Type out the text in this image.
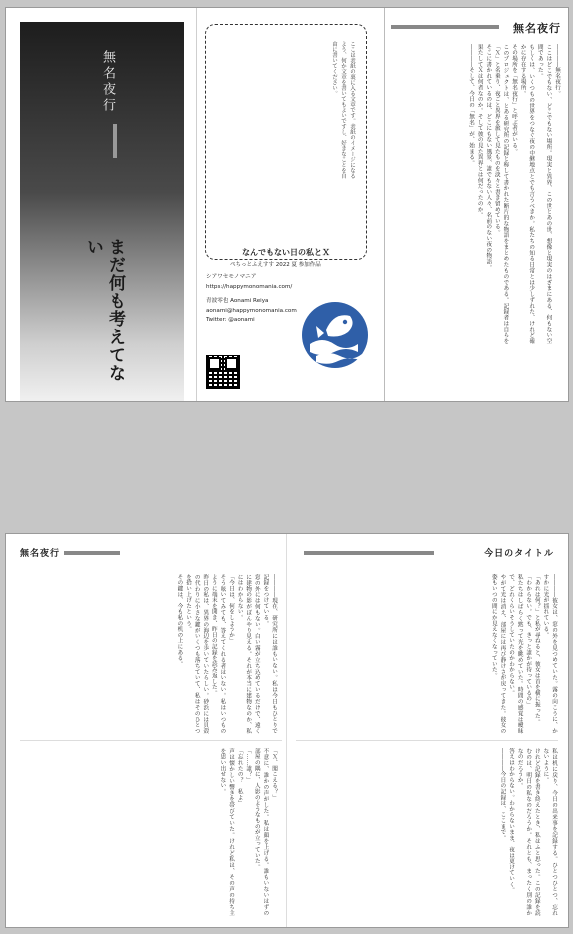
無名夜行
まだ何も考えてない
ここは表紙の裏に入る文章です。表紙のイメージになるよう、何か文章を書いてもよいですし、好きなことを自由に書いてください。
なんでもない日の私とＸ
ぺちっとふえすす 2022 夏 参加作品
シアワセモノマニア
https://happymonomania.com/
青波零也 Aonami Reiya
aonami@happymonomania.com
Twitter: @aonami
無名夜行

――――無名夜行。

ここはどこでもない、どこでもない場所。現実と異界、この世とあの世、想像と現実のはざまにある、何もない空間であった。

もしくは、いくつもの世界をつなぐ夜の中継地点とでも言うべきか。私たちの知る日常とは少しずれた、けれど確かに存在する場所。

その場所を「無名夜行」と呼ぶ者がいる。

このプロジェクトは、とある研究所の記録と称して書かれた断片的な物語をまとめたものである。記録者は自らを「Ｘ」と名乗り、夜ごと異界を旅して見たものを淡々と書き留めている。

そこに書かれているのは、どこにもない風景、誰でもない人々、名前のない夜の物語。

果たしてＸは何者なのか。そして彼の見た異界とは何だったのか。

――――そして、今日の「無名」が、始まる。

無名夜行

――――現在、研究所には誰もいない。私は今日もひとりで記録をつけている。

窓の外には何もない。白い霧が立ち込めているだけで、遠くに建物の影がぼんやり見える。それが本当に建物なのか、私にはわからない。

「今日は、何をしようか」

そう呟いてみても、答えてくれる者はいない。私はいつものように端末を開き、昨日の記録を読み返した。

昨日の私は、異界の海辺を歩いていたらしい。砂浜には貝殻の代わりに小さな鍵がいくつも落ちていて、私はそのひとつを拾い上げたという。

その鍵は、今も私の机の上にある。

「Ｘ、聞こえる？」

不意に、誰かの声がした。私は顔を上げる。誰もいないはずの部屋の隅に、人影のようなものが立っていた。

「……誰？」

「忘れたの？　私よ」

声は懐かしい響きを帯びていた。けれど私は、その声の持ち主を思い出せない。

今日のタイトル

――――彼女は、窓の外を見つめていた。霧の向こうに、かすかに光が揺れている。

「あれは何？」と私が尋ねると、彼女は首を横に振った。

「わからない。でも、きっと誰かが待っているの」

私たちはしばらく黙って光を眺めていた。時間の感覚は曖昧で、どれくらいそうしていたのかわからない。

やがて光は消え、部屋には再び静けさが戻ってきた。彼女の姿もいつの間にか見えなくなっていた。

私は机に戻り、今日の出来事を記録する。ひとつひとつ、忘れないように。

けれど記録を書き終えたとき、私はふと思った。この記録を読むのは、明日の私なのだろうか。それとも、まったく別の誰かなのだろうか。

答えはわからない。わからないまま、夜は更けていく。

――――今日の記録は、ここまで。
